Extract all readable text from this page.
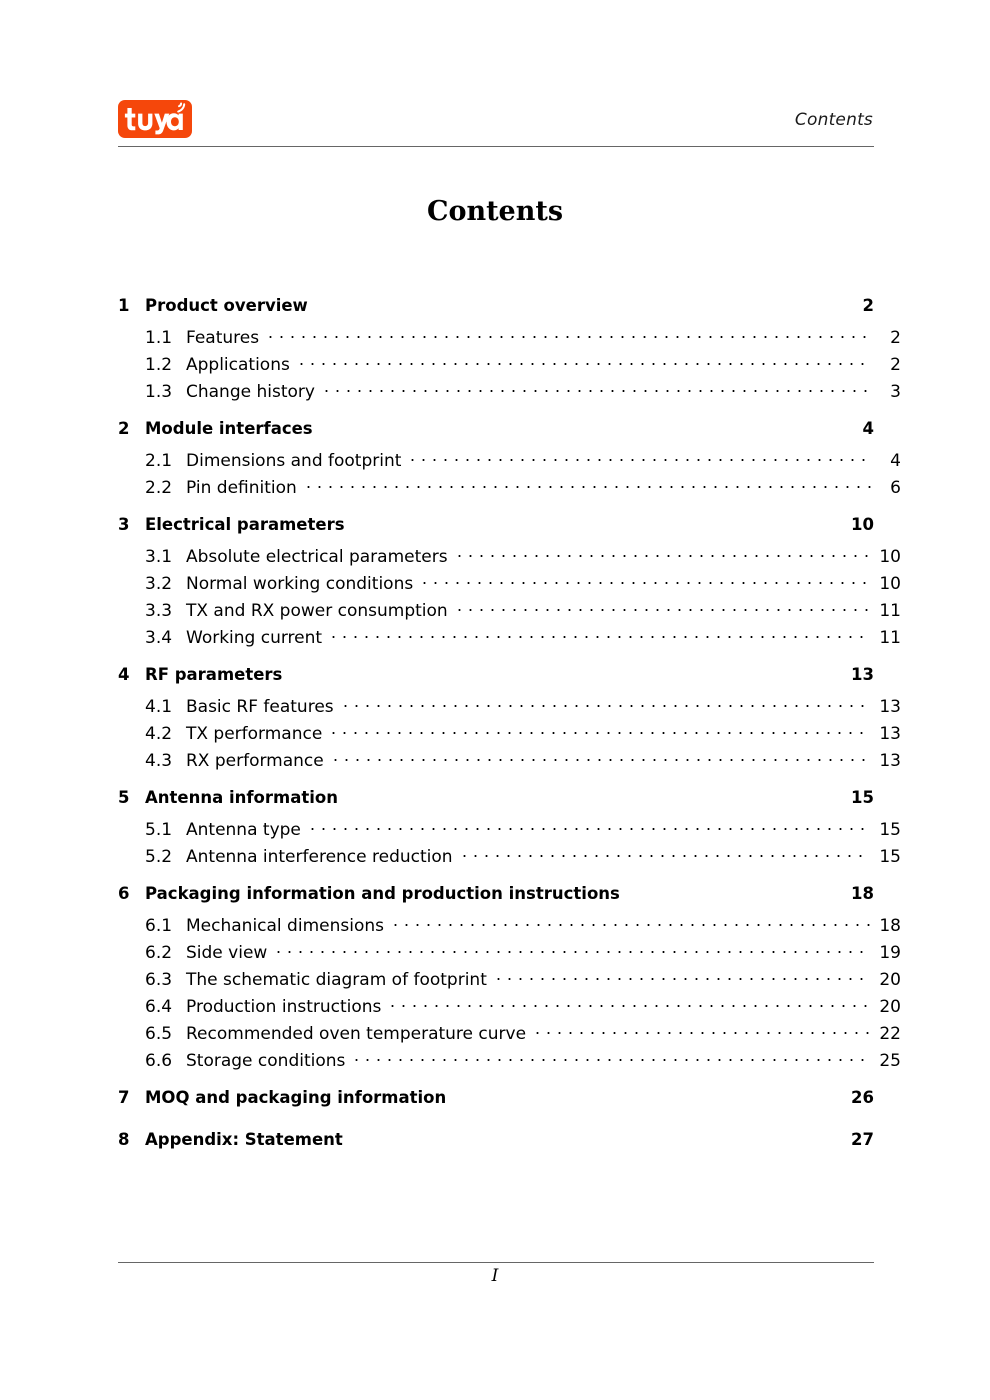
Contents
Contents
1 Product overview	2
1.1 Features	2
1.2 Applications	2
1.3 Change history	3
2 Module interfaces	4
2.1 Dimensions and footprint	4
2.2 Pin definition	6
3 Electrical parameters	10
3.1 Absolute electrical parameters	10
3.2 Normal working conditions	10
3.3 TX and RX power consumption	11
3.4 Working current	11
4 RF parameters	13
4.1 Basic RF features	13
4.2 TX performance	13
4.3 RX performance	13
5 Antenna information	15
5.1 Antenna type	15
5.2 Antenna interference reduction	15
6 Packaging information and production instructions	18
6.1 Mechanical dimensions	18
6.2 Side view	19
6.3 The schematic diagram of footprint	20
6.4 Production instructions	20
6.5 Recommended oven temperature curve	22
6.6 Storage conditions	25
7 MOQ and packaging information	26
8 Appendix: Statement	27
I
